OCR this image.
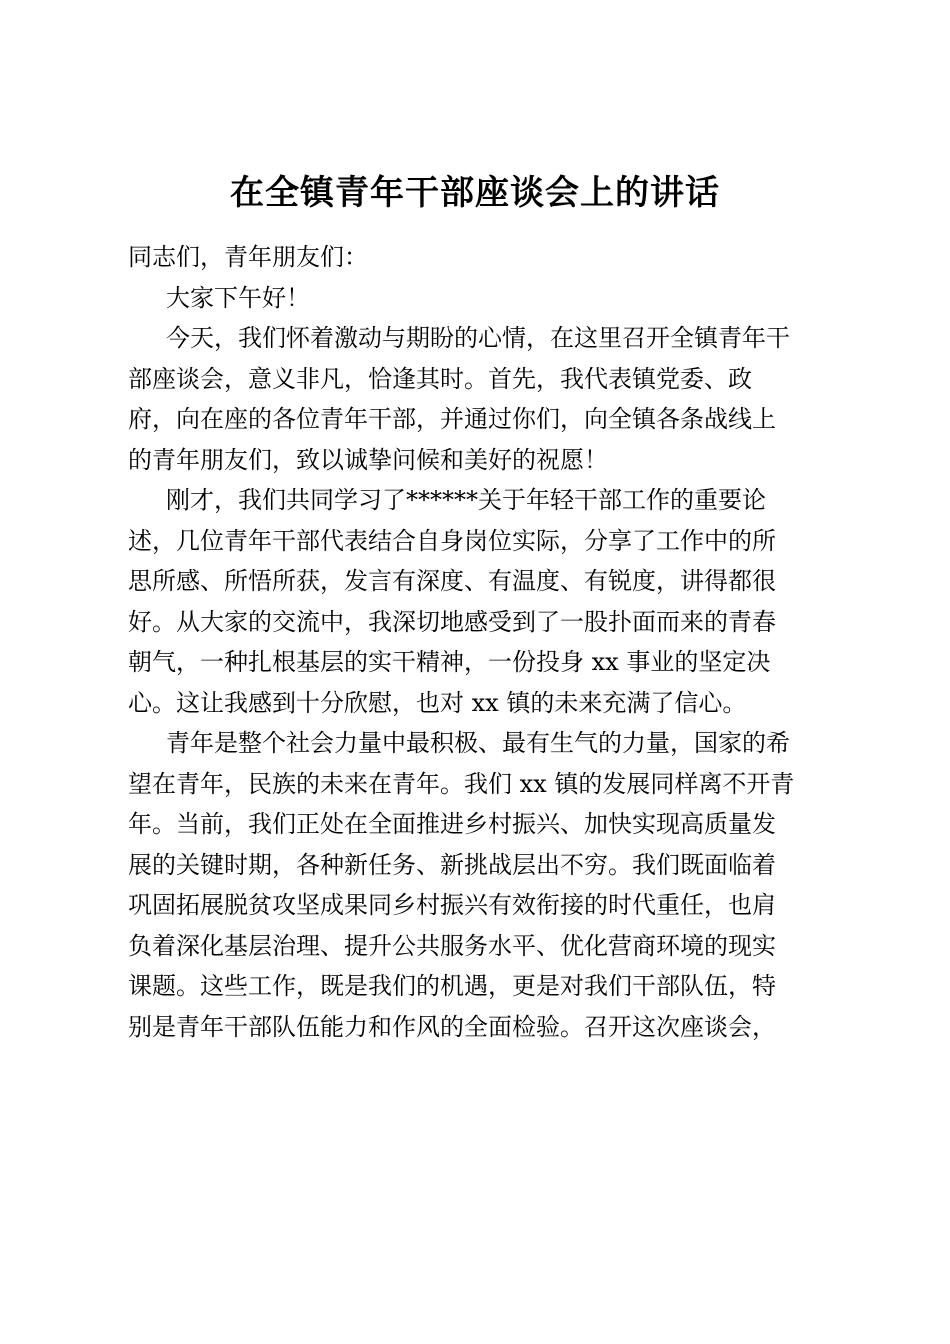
在全镇青年干部座谈会上的讲话
同志们，青年朋友们：
大家下午好！
今天，我们怀着激动与期盼的心情，在这里召开全镇青年干
部座谈会，意义非凡，恰逢其时。首先，我代表镇党委、政
府，向在座的各位青年干部，并通过你们，向全镇各条战线上
的青年朋友们，致以诚挚问候和美好的祝愿！
刚才，我们共同学习了******关于年轻干部工作的重要论
述，几位青年干部代表结合自身岗位实际，分享了工作中的所
思所感、所悟所获，发言有深度、有温度、有锐度，讲得都很
好。从大家的交流中，我深切地感受到了一股扑面而来的青春
朝气，一种扎根基层的实干精神，一份投身 xx 事业的坚定决
心。这让我感到十分欣慰，也对 xx 镇的未来充满了信心。
青年是整个社会力量中最积极、最有生气的力量，国家的希
望在青年，民族的未来在青年。我们 xx 镇的发展同样离不开青
年。当前，我们正处在全面推进乡村振兴、加快实现高质量发
展的关键时期，各种新任务、新挑战层出不穷。我们既面临着
巩固拓展脱贫攻坚成果同乡村振兴有效衔接的时代重任，也肩
负着深化基层治理、提升公共服务水平、优化营商环境的现实
课题。这些工作，既是我们的机遇，更是对我们干部队伍，特
别是青年干部队伍能力和作风的全面检验。召开这次座谈会，
